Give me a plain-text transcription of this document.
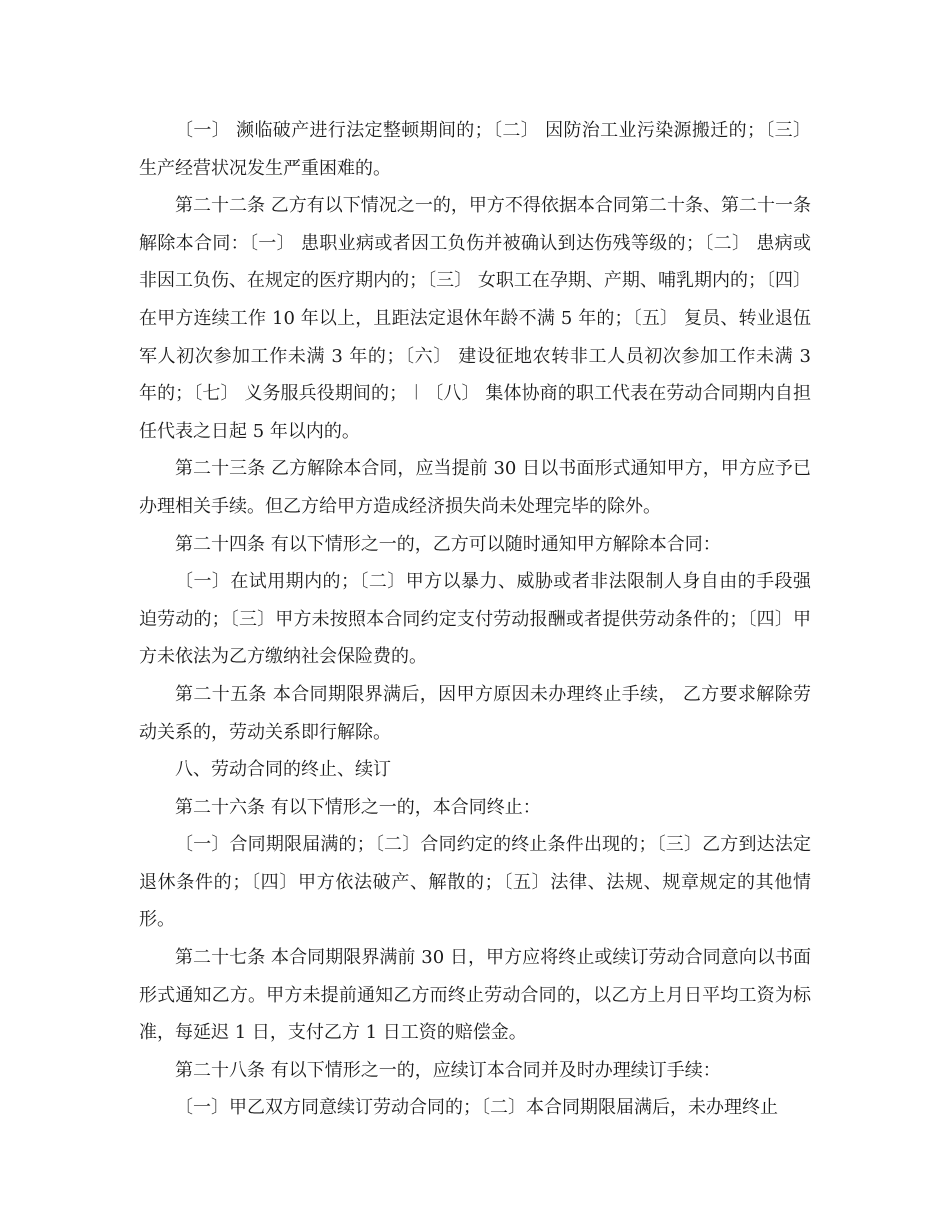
〔一〕 濒临破产进行法定整顿期间的；〔二〕 因防治工业污染源搬迁的；〔三〕 生产经营状况发生严重困难的。

第二十二条 乙方有以下情况之一的，甲方不得依据本合同第二十条、第二十一条解除本合同：〔一〕 患职业病或者因工负伤并被确认到达伤残等级的；〔二〕 患病或非因工负伤、在规定的医疗期内的；〔三〕 女职工在孕期、产期、哺乳期内的；〔四〕在甲方连续工作 10 年以上，且距法定退休年龄不满 5 年的；〔五〕 复员、转业退伍军人初次参加工作未满 3 年的；〔六〕 建设征地农转非工人员初次参加工作未满 3 年的；〔七〕 义务服兵役期间的；︱〔八〕 集体协商的职工代表在劳动合同期内自担任代表之日起 5 年以内的。

第二十三条 乙方解除本合同，应当提前 30 日以书面形式通知甲方，甲方应予已办理相关手续。但乙方给甲方造成经济损失尚未处理完毕的除外。

第二十四条 有以下情形之一的，乙方可以随时通知甲方解除本合同：

〔一〕在试用期内的；〔二〕甲方以暴力、威胁或者非法限制人身自由的手段强迫劳动的；〔三〕甲方未按照本合同约定支付劳动报酬或者提供劳动条件的；〔四〕甲方未依法为乙方缴纳社会保险费的。

第二十五条 本合同期限界满后，因甲方原因未办理终止手续， 乙方要求解除劳动关系的，劳动关系即行解除。

八、劳动合同的终止、续订

第二十六条 有以下情形之一的，本合同终止：

〔一〕合同期限届满的；〔二〕合同约定的终止条件出现的；〔三〕乙方到达法定退休条件的；〔四〕甲方依法破产、解散的；〔五〕法律、法规、规章规定的其他情形。

第二十七条 本合同期限界满前 30 日，甲方应将终止或续订劳动合同意向以书面形式通知乙方。甲方未提前通知乙方而终止劳动合同的，以乙方上月日平均工资为标准，每延迟 1 日，支付乙方 1 日工资的赔偿金。

第二十八条 有以下情形之一的，应续订本合同并及时办理续订手续：

〔一〕甲乙双方同意续订劳动合同的；〔二〕本合同期限届满后，未办理终止
